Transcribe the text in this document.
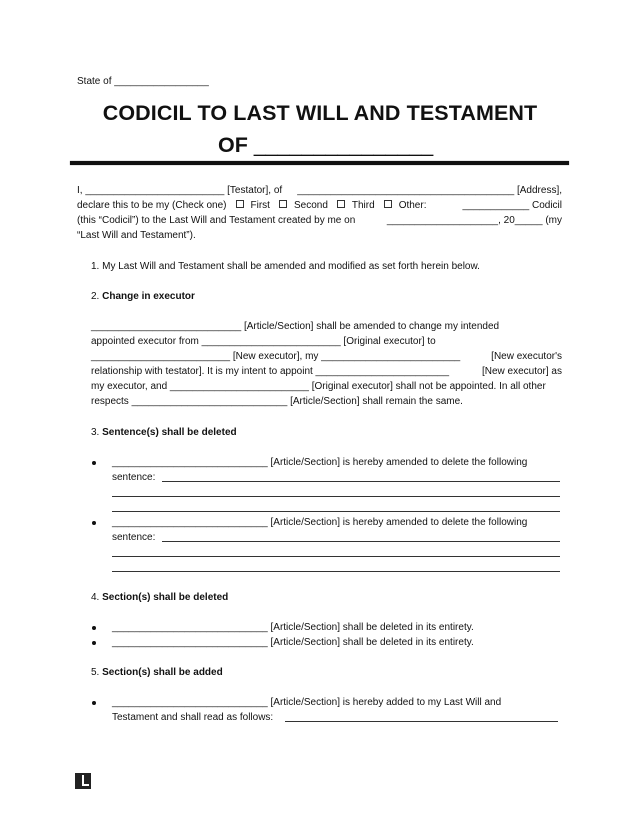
State of _________________
CODICIL TO LAST WILL AND TESTAMENT
OF _______________
I, _________________________ [Testator], of _______________________________________ [Address],
declare this to be my (Check one) First Second Third Other:	____________ Codicil
(this “Codicil”) to the Last Will and Testament created by me on	____________________, 20_____ (my
“Last Will and Testament”).
1. My Last Will and Testament shall be amended and modified as set forth herein below.
2. Change in executor
___________________________ [Article/Section] shall be amended to change my intended
appointed executor from _________________________ [Original executor] to
_________________________ [New executor], my _________________________	[New executor's
relationship with testator]. It is my intent to appoint ________________________	[New executor] as
my executor, and _________________________ [Original executor] shall not be appointed. In all other
respects ____________________________ [Article/Section] shall remain the same.
3. Sentence(s) shall be deleted
____________________________ [Article/Section] is hereby amended to delete the following
sentence:
____________________________ [Article/Section] is hereby amended to delete the following
sentence:
4. Section(s) shall be deleted
____________________________ [Article/Section] shall be deleted in its entirety.
____________________________ [Article/Section] shall be deleted in its entirety.
5. Section(s) shall be added
____________________________ [Article/Section] is hereby added to my Last Will and
Testament and shall read as follows:
